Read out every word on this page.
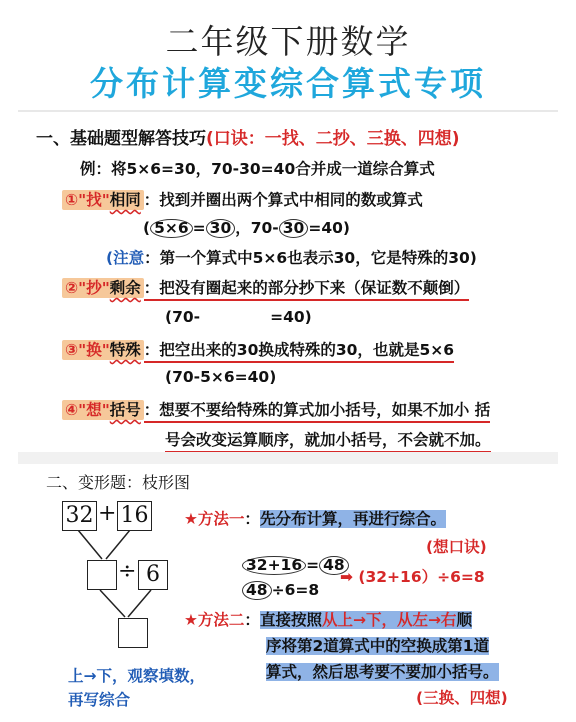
二年级下册数学
分布计算变综合算式专项
一、基础题型解答技巧(口诀：一找、二抄、三换、四想)
例：将5×6=30，70-30=40合并成一道综合算式
①"找"相同 ：找到并圈出两个算式中相同的数或算式
( 5×6 = 30 ，70- 30 =40)
(注意：第一个算式中5×6也表示30，它是特殊的30)
②"抄"剩余 ：把没有圈起来的部分抄下来（保证数不颠倒）
(70-	=40)
③"换"特殊 ：把空出来的30换成特殊的30，也就是5×6
(70-5×6=40)
④"想"括号 ：想要不要给特殊的算式加小括号，如果不加小 括
号会改变运算顺序，就加小括号，不会就不加。
二、变形题：枝形图
32 + 16
÷ 6
★方法一：先分布计算，再进行综合。
(想口诀)
32+16 = 48
➡ (32+16）÷6=8
48 ÷6=8
★方法二：直接按照从上→下，从左→右顺
序将第2道算式中的空换成第1道
算式，然后思考要不要加小括号。
(三换、四想)
上→下，观察填数，
再写综合
